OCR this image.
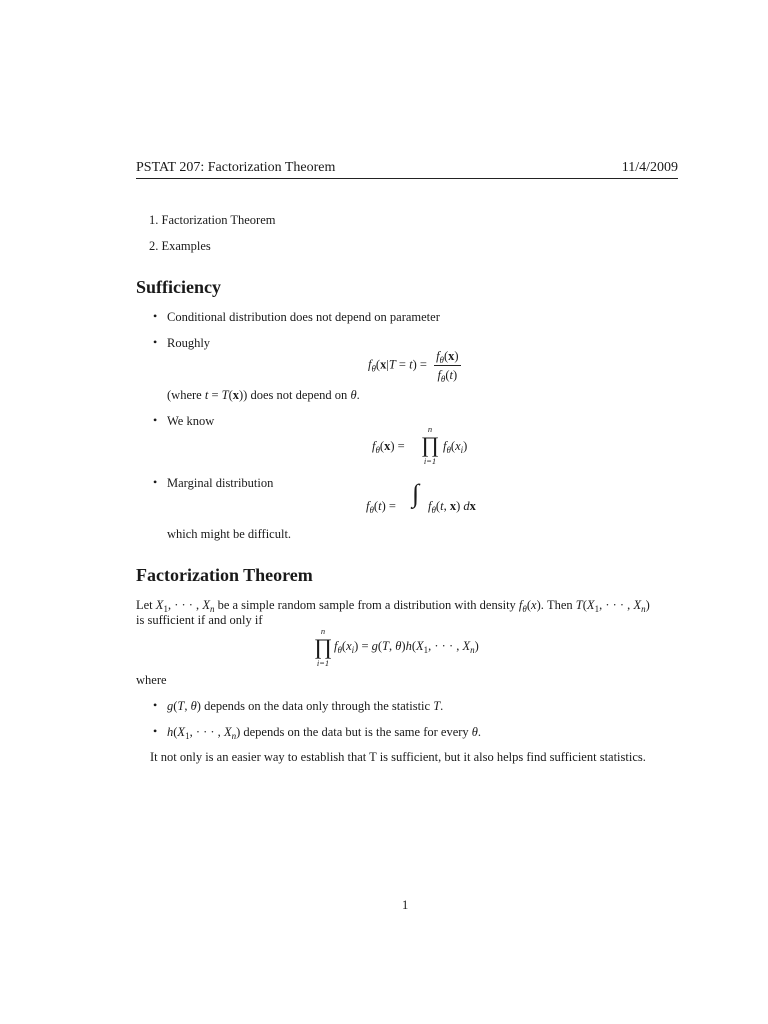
PSTAT 207: Factorization Theorem	11/4/2009
1. Factorization Theorem
2. Examples
Sufficiency
• Conditional distribution does not depend on parameter
• Roughly
$f_\theta(x|T = t) = \frac{f_\theta(x)}{f_\theta(t)}$
(where t = T(x)) does not depend on θ.
• We know
$f_\theta(x)$ =
n
∏
i=1
$f_\theta(x_i)$
• Marginal distribution
$f_\theta(t)$ = ∫ $f_\theta(t$, x) dx
which might be difficult.
Factorization Theorem
Let $X_1$, · · · , $X_n$ be a simple random sample from a distribution with density $f_\theta(x)$. Then $T(X_1$, · · · , $X_n$)
is sufficient if and only if
n
∏
i=1
$f_\theta(x_i) = g(T$, $\theta)h(X_1$, · · · , $X_n$)
where
• g(T, θ) depends on the data only through the statistic T.
• $h(X_1$, · · · , $X_n$) depends on the data but is the same for every θ.
It not only is an easier way to establish that T is sufficient, but it also helps find sufficient statistics.
1
